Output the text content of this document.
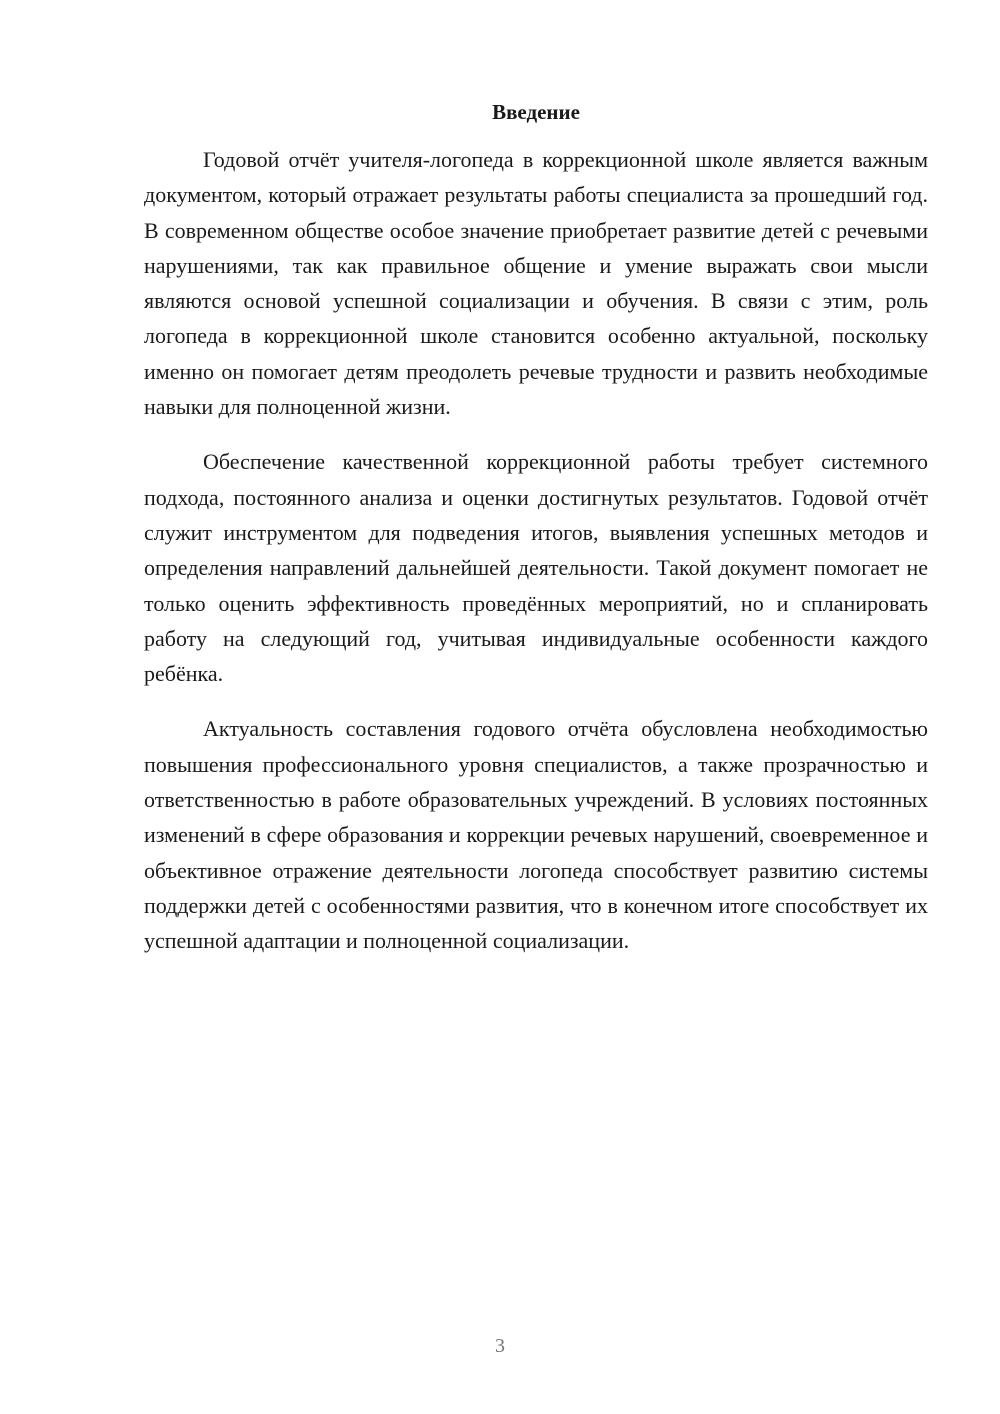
Введение

Годовой отчёт учителя-логопеда в коррекционной школе является важным документом, который отражает результаты работы специалиста за прошедший год. В современном обществе особое значение приобретает развитие детей с речевыми нарушениями, так как правильное общение и умение выражать свои мысли являются основой успешной социализации и обучения. В связи с этим, роль логопеда в коррекционной школе становится особенно актуальной, поскольку именно он помогает детям преодолеть речевые трудности и развить необходимые навыки для полноценной жизни.

Обеспечение качественной коррекционной работы требует системного подхода, постоянного анализа и оценки достигнутых результатов. Годовой отчёт служит инструментом для подведения итогов, выявления успешных методов и определения направлений дальнейшей деятельности. Такой документ помогает не только оценить эффективность проведённых мероприятий, но и спланировать работу на следующий год, учитывая индивидуальные особенности каждого ребёнка.

Актуальность составления годового отчёта обусловлена необходимостью повышения профессионального уровня специалистов, а также прозрачностью и ответственностью в работе образовательных учреждений. В условиях постоянных изменений в сфере образования и коррекции речевых нарушений, своевременное и объективное отражение деятельности логопеда способствует развитию системы поддержки детей с особенностями развития, что в конечном итоге способствует их успешной адаптации и полноценной социализации.

3
